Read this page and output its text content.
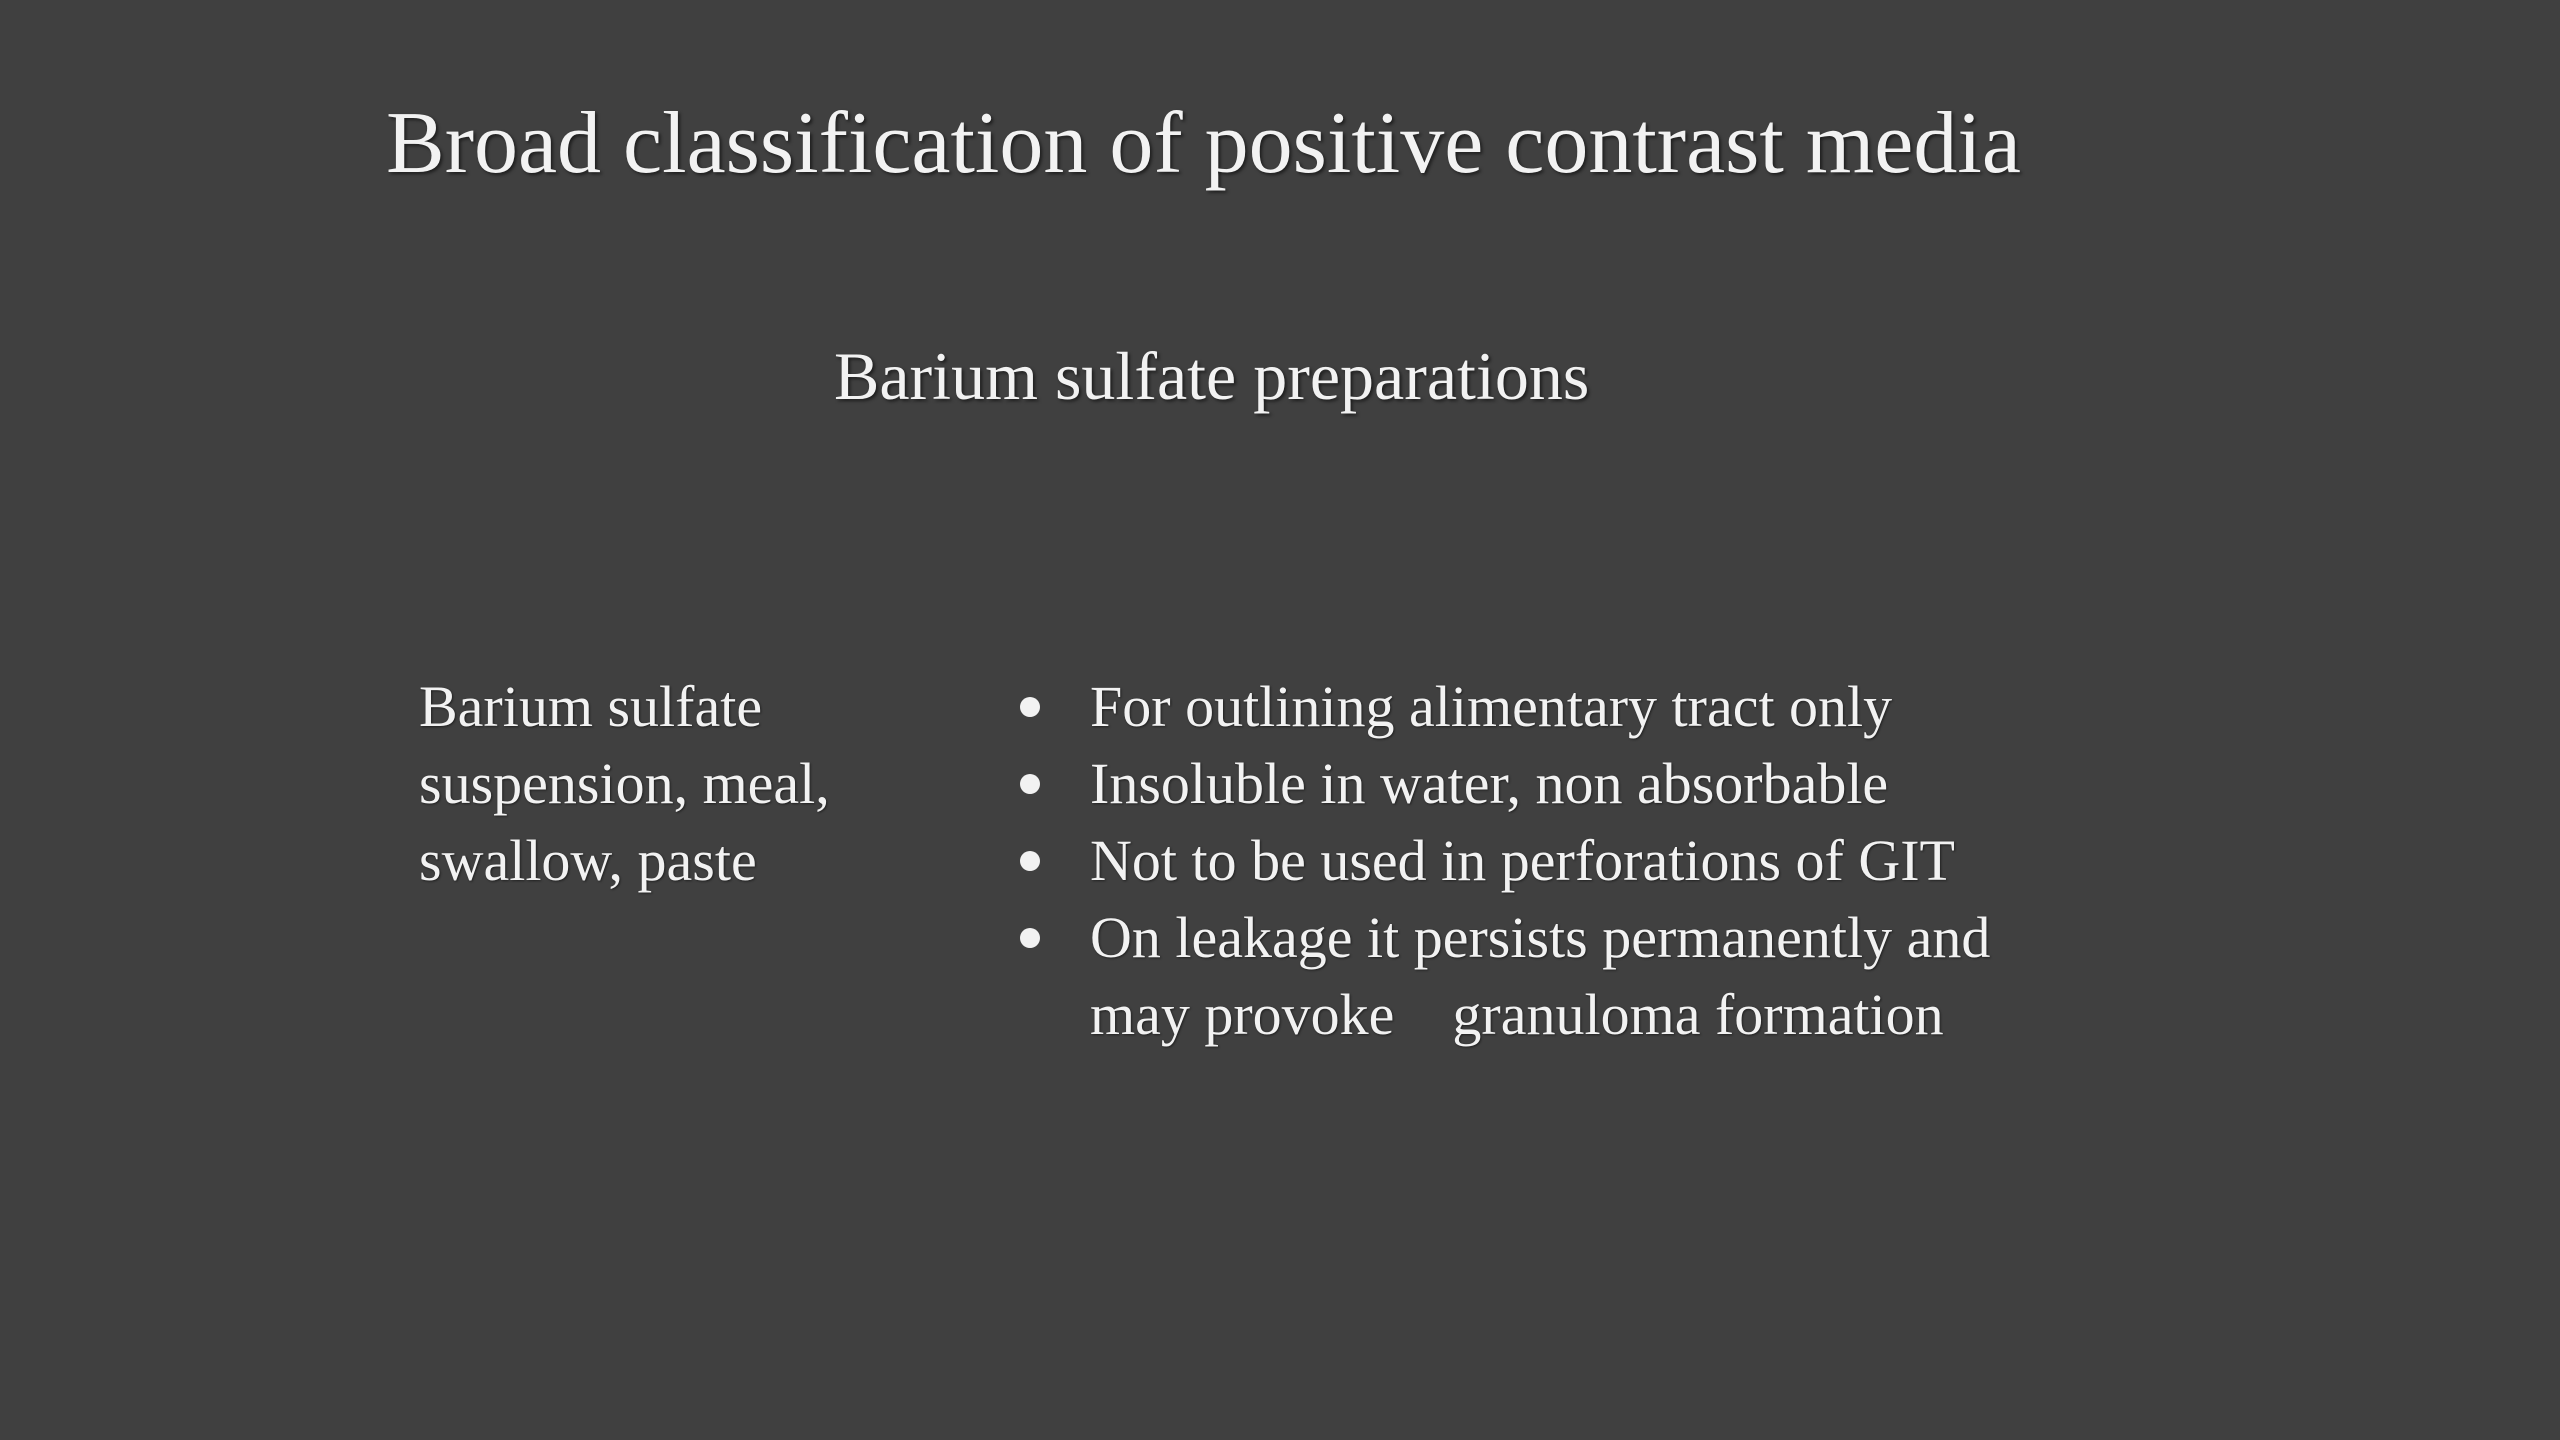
Broad classification of positive contrast media
Barium sulfate preparations
Barium sulfate
suspension, meal,
swallow, paste
For outlining alimentary tract only
Insoluble in water, non absorbable
Not to be used in perforations of GIT
On leakage it persists permanently and
may provoke    granuloma formation
